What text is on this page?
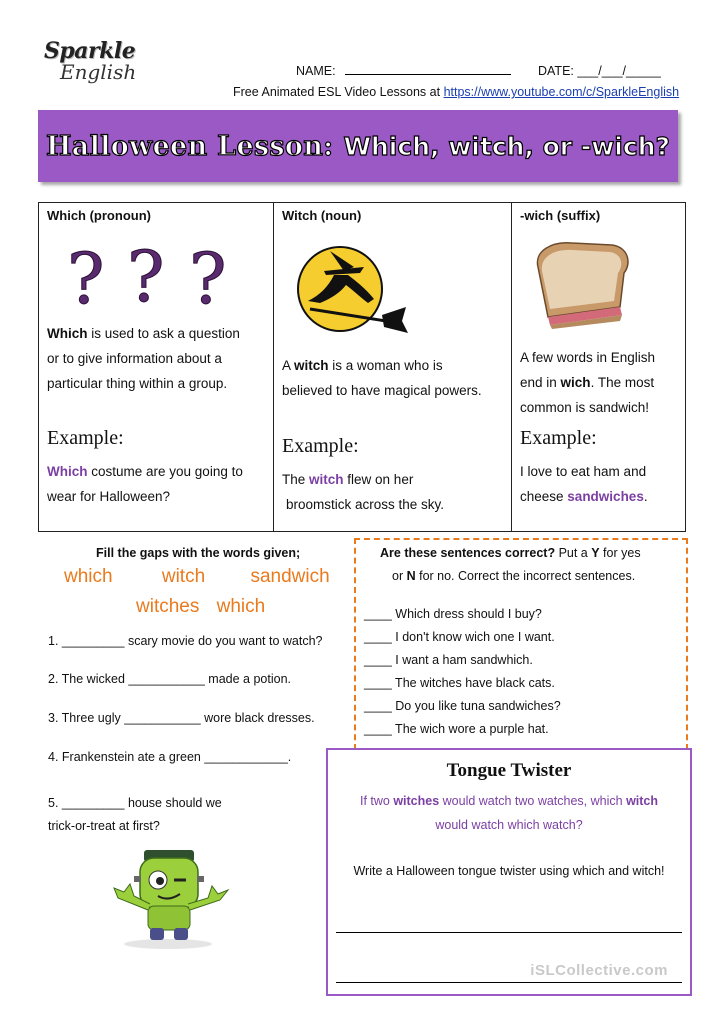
Sparkle
English	NAME:	DATE: ___/___/_____
Free Animated ESL Video Lessons at https://www.youtube.com/c/SparkleEnglish
Halloween Lesson: Which, witch, or -wich?
Which (pronoun)
? ? ?
Which is used to ask a question
or to give information about a
particular thing within a group.
Example:
Which costume are you going to
wear for Halloween?
Witch (noun)
A witch is a woman who is
believed to have magical powers.
Example:
The witch flew on her
broomstick across the sky.
-wich (suffix)
A few words in English
end in wich. The most
common is sandwich!
Example:
I love to eat ham and
cheese sandwiches.
Fill the gaps with the words given;
which	witch sandwich
witches which
1. _________ scary movie do you want to watch?
2. The wicked ___________ made a potion.
3. Three ugly ___________ wore black dresses.
4. Frankenstein ate a green ____________.
5. _________ house should we
trick-or-treat at first?
Are these sentences correct? Put a Y for yes
or N for no. Correct the incorrect sentences.
____ Which dress should I buy?
____ I don't know wich one I want.
____ I want a ham sandwhich.
____ The witches have black cats.
____ Do you like tuna sandwiches?
____ The wich wore a purple hat.
Tongue Twister
If two witches would watch two watches, which witch
would watch which watch?
Write a Halloween tongue twister using which and witch!
iSLCollective.com
